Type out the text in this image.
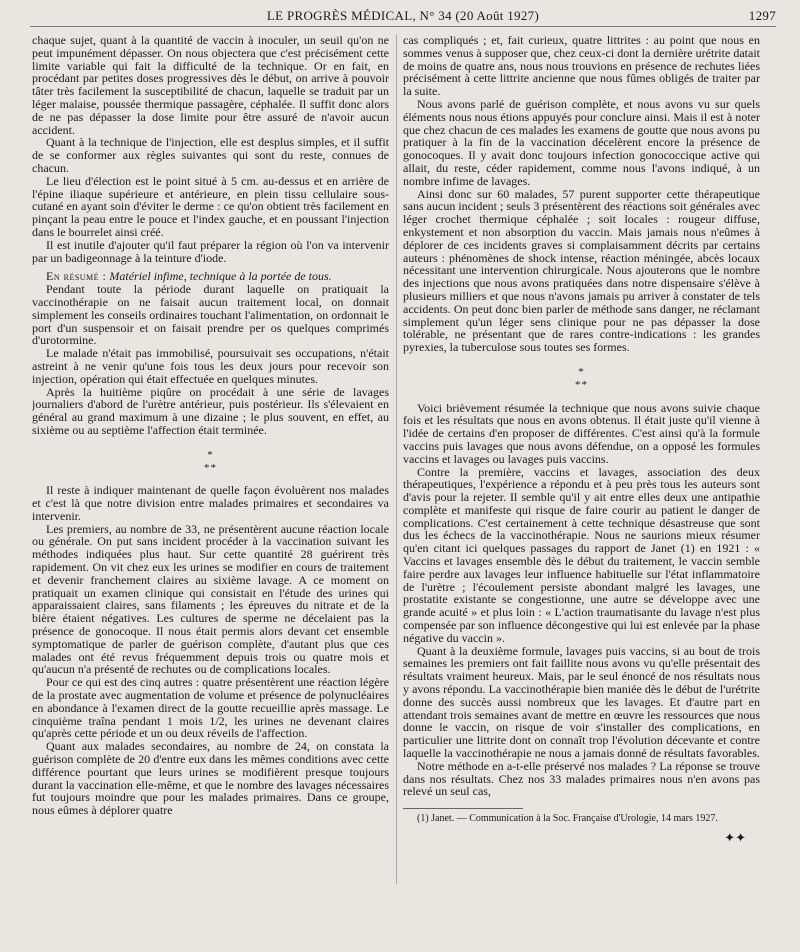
LE PROGRÈS MÉDICAL, N° 34 (20 Août 1927)	1297

chaque sujet, quant à la quantité de vaccin à inoculer, un seuil qu'on ne peut impunément dépasser. On nous objectera que c'est précisément cette limite variable qui fait la difficulté de la technique. Or en fait, en procédant par petites doses progressives dès le début, on arrive à pouvoir tâter très facilement la susceptibilité de chacun, laquelle se traduit par un léger malaise, poussée thermique passagère, céphalée. Il suffit donc alors de ne pas dépasser la dose limite pour être assuré de n'avoir aucun accident.

Quant à la technique de l'injection, elle est desplus simples, et il suffit de se conformer aux règles suivantes qui sont du reste, connues de chacun.

Le lieu d'élection est le point situé à 5 cm. au-dessus et en arrière de l'épine iliaque supérieure et antérieure, en plein tissu cellulaire sous-cutané en ayant soin d'éviter le derme : ce qu'on obtient très facilement en pinçant la peau entre le pouce et l'index gauche, et en poussant l'injection dans le bourrelet ainsi créé.

Il est inutile d'ajouter qu'il faut préparer la région où l'on va intervenir par un badigeonnage à la teinture d'iode.

En résumé : Matériel infime, technique à la portée de tous.

Pendant toute la période durant laquelle on pratiquait la vaccinothérapie on ne faisait aucun traitement local, on donnait simplement les conseils ordinaires touchant l'alimentation, on ordonnait le port d'un suspensoir et on faisait prendre per os quelques comprimés d'urotormine.

Le malade n'était pas immobilisé, poursuivait ses occupations, n'était astreint à ne venir qu'une fois tous les deux jours pour recevoir son injection, opération qui était effectuée en quelques minutes.

Après la huitième piqûre on procédait à une série de lavages journaliers d'abord de l'urètre antérieur, puis postérieur. Ils s'élevaient en général au grand maximum à une dizaine ; le plus souvent, en effet, au sixième ou au septième l'affection était terminée.

*
**

Il reste à indiquer maintenant de quelle façon évoluèrent nos malades et c'est là que notre division entre malades primaires et secondaires va intervenir.

Les premiers, au nombre de 33, ne présentèrent aucune réaction locale ou générale. On put sans incident procéder à la vaccination suivant les méthodes indiquées plus haut. Sur cette quantité 28 guérirent très rapidement. On vit chez eux les urines se modifier en cours de traitement et devenir franchement claires au sixième lavage. A ce moment on pratiquait un examen clinique qui consistait en l'étude des urines qui apparaissaient claires, sans filaments ; les épreuves du nitrate et de la bière étaient négatives. Les cultures de sperme ne décelaient pas la présence de gonocoque. Il nous était permis alors devant cet ensemble symptomatique de parler de guérison complète, d'autant plus que ces malades ont été revus fréquemment depuis trois ou quatre mois et qu'aucun n'a présenté de rechutes ou de complications locales.

Pour ce qui est des cinq autres : quatre présentèrent une réaction légère de la prostate avec augmentation de volume et présence de polynucléaires en abondance à l'examen direct de la goutte recueillie après massage. Le cinquième traîna pendant 1 mois 1/2, les urines ne devenant claires qu'après cette période et un ou deux réveils de l'affection.

Quant aux malades secondaires, au nombre de 24, on constata la guérison complète de 20 d'entre eux dans les mêmes conditions avec cette différence pourtant que leurs urines se modifièrent presque toujours durant la vaccination elle-même, et que le nombre des lavages nécessaires fut toujours moindre que pour les malades primaires. Dans ce groupe, nous eûmes à déplorer quatre

cas compliqués ; et, fait curieux, quatre littrites : au point que nous en sommes venus à supposer que, chez ceux-ci dont la dernière urétrite datait de moins de quatre ans, nous nous trouvions en présence de rechutes liées précisément à cette littrite ancienne que nous fûmes obligés de traiter par la suite.

Nous avons parlé de guérison complète, et nous avons vu sur quels éléments nous nous étions appuyés pour conclure ainsi. Mais il est à noter que chez chacun de ces malades les examens de goutte que nous avons pu pratiquer à la fin de la vaccination décelèrent encore la présence de gonocoques. Il y avait donc toujours infection gonococcique active qui allait, du reste, céder rapidement, comme nous l'avons indiqué, à un nombre infime de lavages.

Ainsi donc sur 60 malades, 57 purent supporter cette thérapeutique sans aucun incident ; seuls 3 présentèrent des réactions soit générales avec léger crochet thermique céphalée ; soit locales : rougeur diffuse, enkystement et non absorption du vaccin. Mais jamais nous n'eûmes à déplorer de ces incidents graves si complaisamment décrits par certains auteurs : phénomènes de shock intense, réaction méningée, abcès locaux nécessitant une intervention chirurgicale. Nous ajouterons que le nombre des injections que nous avons pratiquées dans notre dispensaire s'élève à plusieurs milliers et que nous n'avons jamais pu arriver à constater de tels accidents. On peut donc bien parler de méthode sans danger, ne réclamant simplement qu'un léger sens clinique pour ne pas dépasser la dose tolérable, ne présentant que de rares contre-indications : les grandes pyrexies, la tuberculose sous toutes ses formes.

*
**

Voici brièvement résumée la technique que nous avons suivie chaque fois et les résultats que nous en avons obtenus. Il était juste qu'il vienne à l'idée de certains d'en proposer de différentes. C'est ainsi qu'à la formule vaccins puis lavages que nous avons défendue, on a opposé les formules vaccins et lavages ou lavages puis vaccins.

Contre la première, vaccins et lavages, association des deux thérapeutiques, l'expérience a répondu et à peu près tous les auteurs sont d'avis pour la rejeter. Il semble qu'il y ait entre elles deux une antipathie complète et manifeste qui risque de faire courir au patient le danger de complications. C'est certainement à cette technique désastreuse que sont dus les échecs de la vaccinothérapie. Nous ne saurions mieux résumer qu'en citant ici quelques passages du rapport de Janet (1) en 1921 : « Vaccins et lavages ensemble dès le début du traitement, le vaccin semble faire perdre aux lavages leur influence habituelle sur l'état inflammatoire de l'urètre ; l'écoulement persiste abondant malgré les lavages, une prostatite existante se congestionne, une autre se développe avec une grande acuité » et plus loin : « L'action traumatisante du lavage n'est plus compensée par son influence décongestive qui lui est enlevée par la phase négative du vaccin ».

Quant à la deuxième formule, lavages puis vaccins, si au bout de trois semaines les premiers ont fait faillite nous avons vu qu'elle présentait des résultats vraiment heureux. Mais, par le seul énoncé de nos résultats nous y avons répondu. La vaccinothérapie bien maniée dès le début de l'urétrite donne des succès aussi nombreux que les lavages. Et d'autre part en attendant trois semaines avant de mettre en œuvre les ressources que nous donne le vaccin, on risque de voir s'installer des complications, en particulier une littrite dont on connaît trop l'évolution décevante et contre laquelle la vaccinothérapie ne nous a jamais donné de résultats favorables.

Notre méthode en a-t-elle préservé nos malades ? La réponse se trouve dans nos résultats. Chez nos 33 malades primaires nous n'en avons pas relevé un seul cas,

(1) Janet. — Communication à la Soc. Française d'Urologie, 14 mars 1927.

✦✦
